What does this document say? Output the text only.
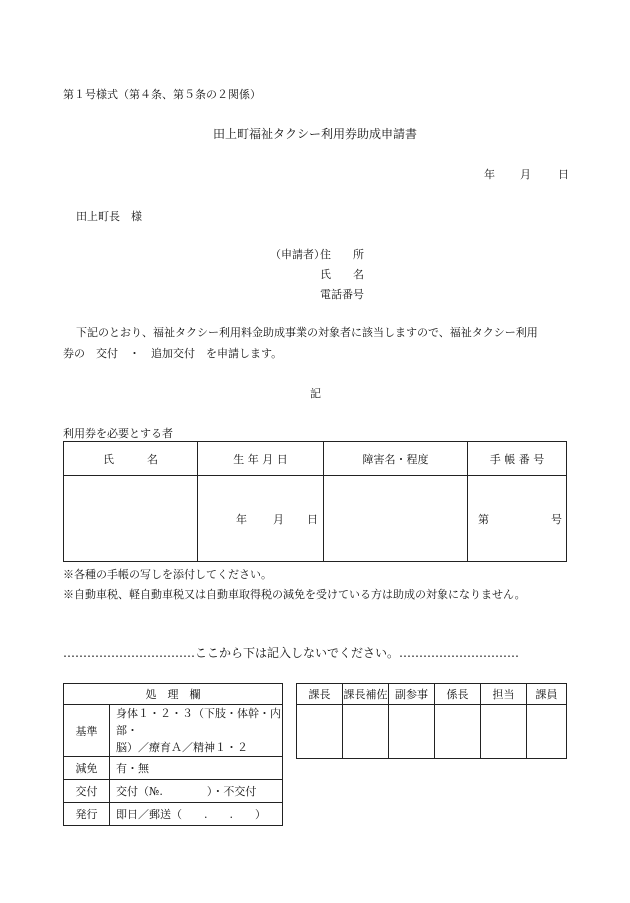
第１号様式（第４条、第５条の２関係）
田上町福祉タクシー利用券助成申請書
年 月 日
田上町長　様
（申請者）
住　　所
氏　　名
電話番号
下記のとおり、福祉タクシー利用料金助成事業の対象者に該当しますので、福祉タクシー利用
券の　交付　・　追加交付　を申請します。
記
利用券を必要とする者
氏　　　名	生 年 月 日	障害名・程度	手 帳 番 号

	年 月 日		第 号
※各種の手帳の写しを添付してください。
※自動車税、軽自動車税又は自動車取得税の減免を受けている方は助成の対象になりません。
……………………………ここから下は記入しないでください。…………………………
処　理　欄	
基準	身体１・２・３（下肢・体幹・内部・
脳）／療育Ａ／精神１・２

減免	有・無
交付	交付（№.　　　　）・不交付
発行	即日／郵送（　　.　　.　　）
課長	課長補佐	副参事	係長	担当	課員
